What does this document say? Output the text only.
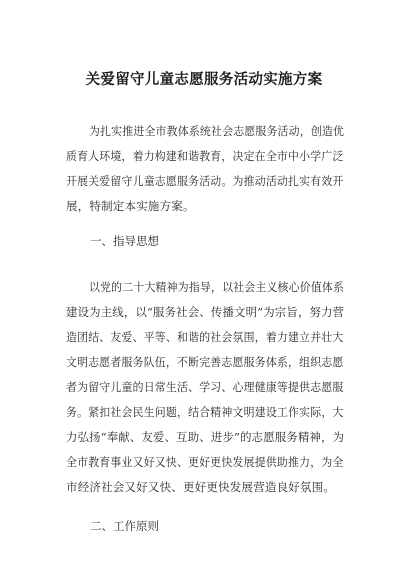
关爱留守儿童志愿服务活动实施方案
为扎实推进全市教体系统社会志愿服务活动，创造优
质育人环境，着力构建和谐教育，决定在全市中小学广泛
开展关爱留守儿童志愿服务活动。为推动活动扎实有效开
展，特制定本实施方案。
一、指导思想
以党的二十大精神为指导，以社会主义核心价值体系
建设为主线，以“服务社会、传播文明”为宗旨，努力营
造团结、友爱、平等、和谐的社会氛围，着力建立并壮大
文明志愿者服务队伍，不断完善志愿服务体系，组织志愿
者为留守儿童的日常生活、学习、心理健康等提供志愿服
务。紧扣社会民生问题，结合精神文明建设工作实际，大
力弘扬“奉献、友爱、互助、进步”的志愿服务精神，为
全市教育事业又好又快、更好更快发展提供助推力，为全
市经济社会又好又快、更好更快发展营造良好氛围。
二、工作原则
